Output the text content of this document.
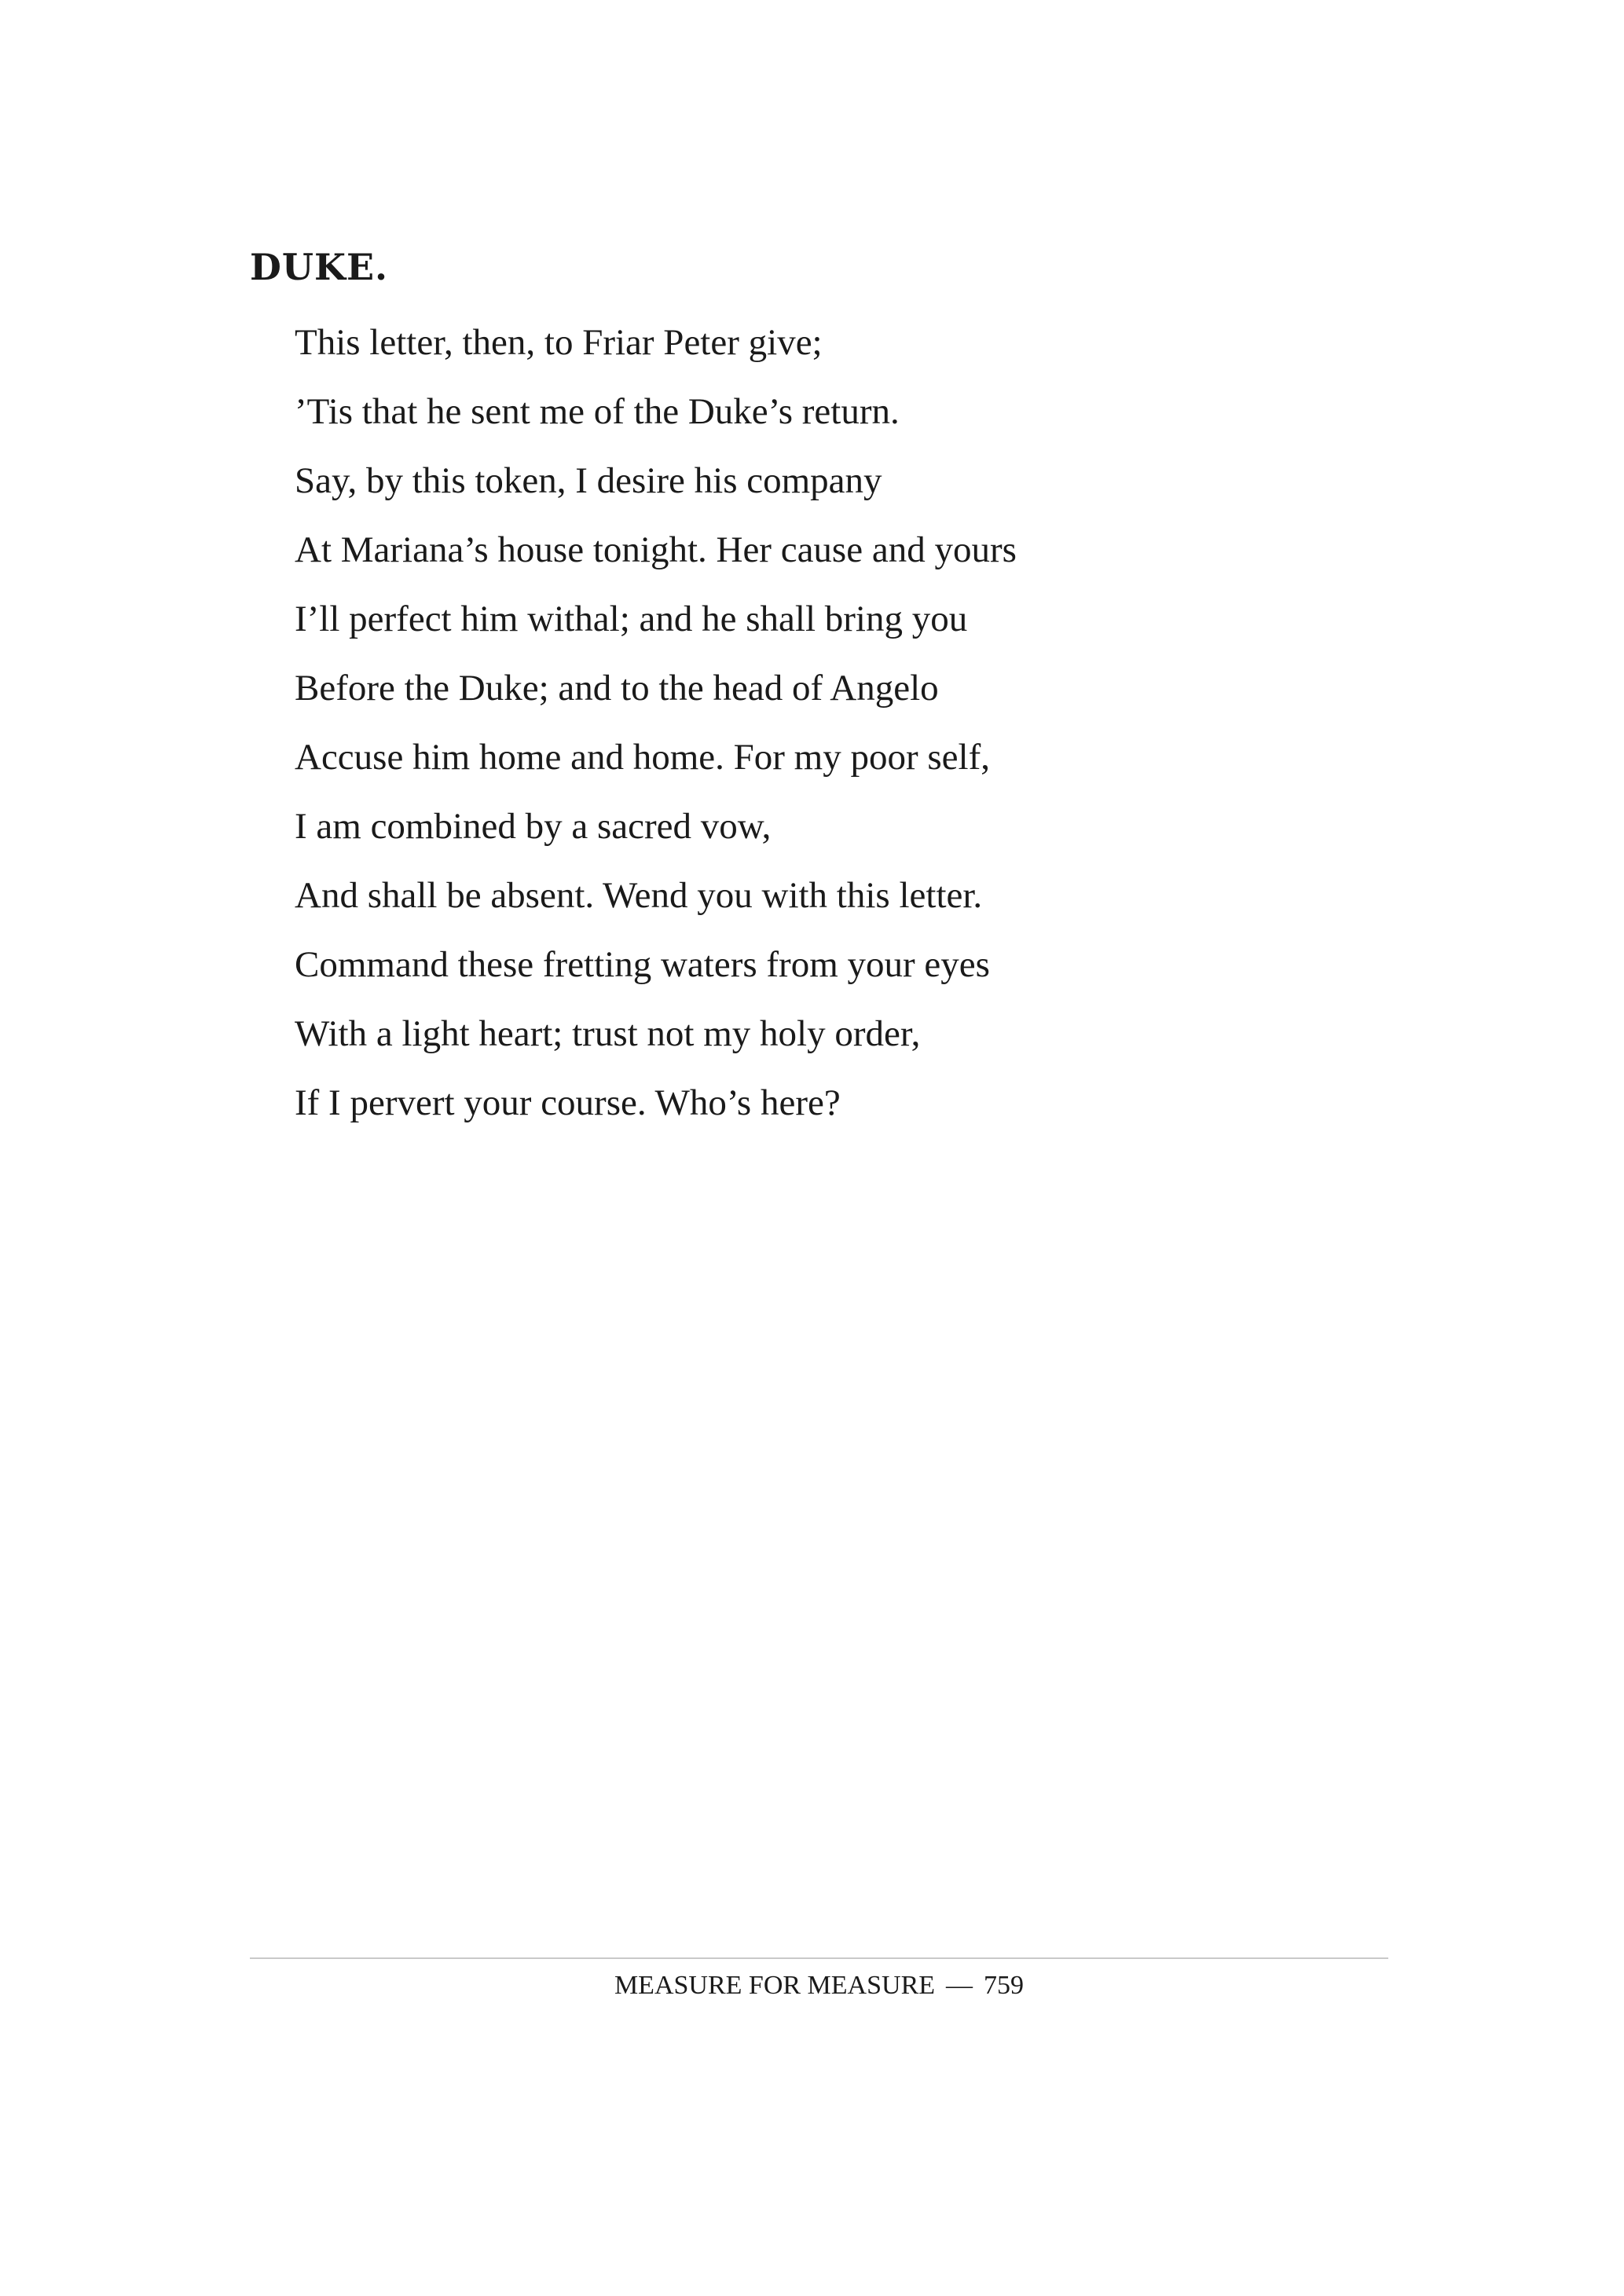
DUKE.
This letter, then, to Friar Peter give;
’Tis that he sent me of the Duke’s return.
Say, by this token, I desire his company
At Mariana’s house tonight. Her cause and yours
I’ll perfect him withal; and he shall bring you
Before the Duke; and to the head of Angelo
Accuse him home and home. For my poor self,
I am combined by a sacred vow,
And shall be absent. Wend you with this letter.
Command these fretting waters from your eyes
With a light heart; trust not my holy order,
If I pervert your course. Who’s here?
MEASURE FOR MEASURE — 759
